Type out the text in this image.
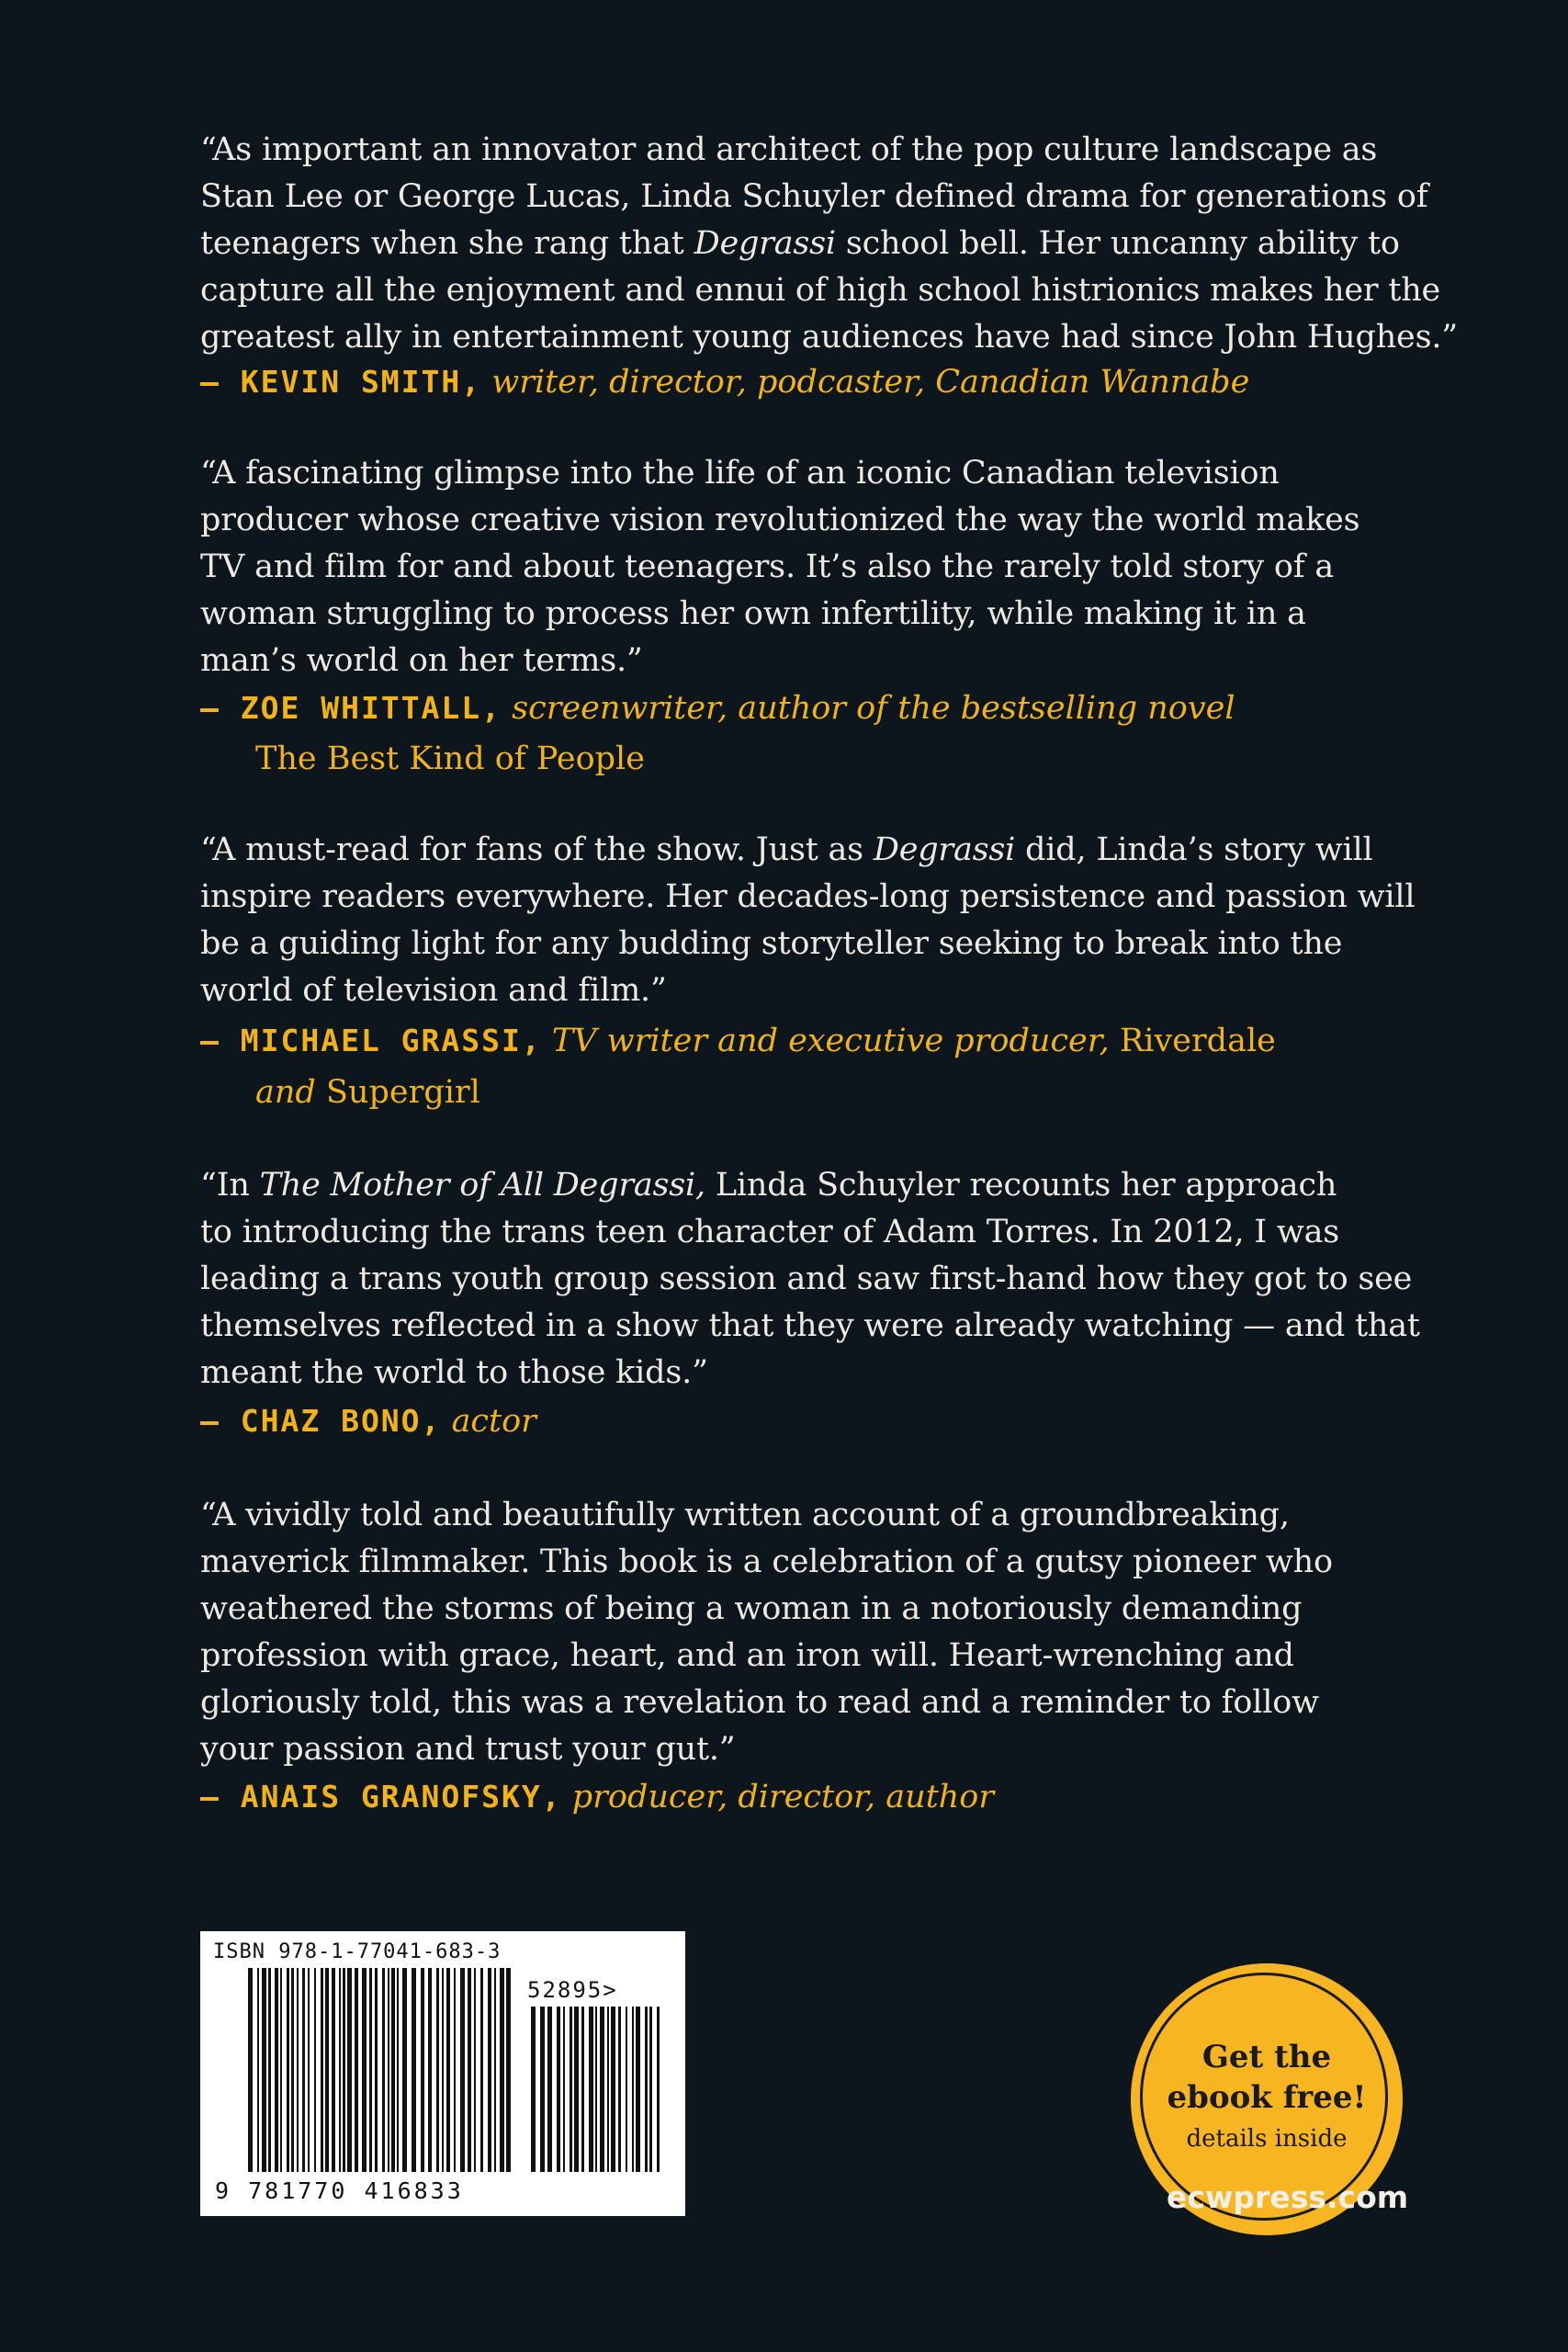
“As important an innovator and architect of the pop culture landscape as

Stan Lee or George Lucas, Linda Schuyler defined drama for generations of

teenagers when she rang that Degrassi school bell. Her uncanny ability to

capture all the enjoyment and ennui of high school histrionics makes her the

greatest ally in entertainment young audiences have had since John Hughes.”

— KEVIN SMITH, writer, director, podcaster, Canadian Wannabe

“A fascinating glimpse into the life of an iconic Canadian television

producer whose creative vision revolutionized the way the world makes

TV and film for and about teenagers. It’s also the rarely told story of a

woman struggling to process her own infertility, while making it in a

man’s world on her terms.”

— ZOE WHITTALL, screenwriter, author of the bestselling novel
The Best Kind of People

“A must-read for fans of the show. Just as Degrassi did, Linda’s story will

inspire readers everywhere. Her decades-long persistence and passion will

be a guiding light for any budding storyteller seeking to break into the

world of television and film.”

— MICHAEL GRASSI, TV writer and executive producer, Riverdale
and Supergirl

“In The Mother of All Degrassi, Linda Schuyler recounts her approach

to introducing the trans teen character of Adam Torres. In 2012, I was

leading a trans youth group session and saw first-hand how they got to see

themselves reflected in a show that they were already watching — and that

meant the world to those kids.”

— CHAZ BONO, actor

“A vividly told and beautifully written account of a groundbreaking,

maverick filmmaker. This book is a celebration of a gutsy pioneer who

weathered the storms of being a woman in a notoriously demanding

profession with grace, heart, and an iron will. Heart-wrenching and

gloriously told, this was a revelation to read and a reminder to follow

your passion and trust your gut.”

— ANAIS GRANOFSKY, producer, director, author
ISBN 978-1-77041-683-3
52895>
9 781770 416833
Get the
ebook free!
details inside
ecwpress.com
